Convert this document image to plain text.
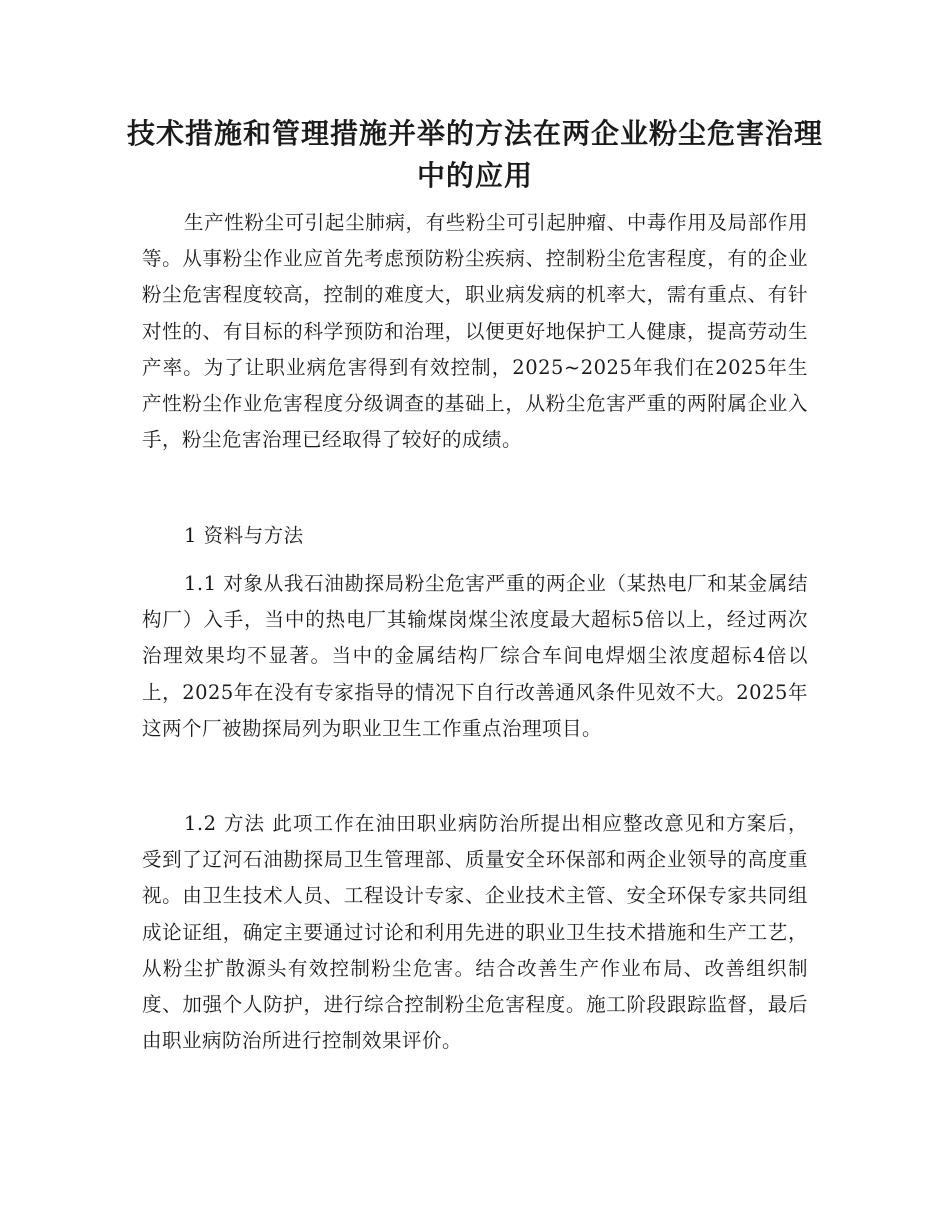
技术措施和管理措施并举的方法在两企业粉尘危害治理中的应用

生产性粉尘可引起尘肺病，有些粉尘可引起肿瘤、中毒作用及局部作用等。从事粉尘作业应首先考虑预防粉尘疾病、控制粉尘危害程度，有的企业粉尘危害程度较高，控制的难度大，职业病发病的机率大，需有重点、有针对性的、有目标的科学预防和治理，以便更好地保护工人健康，提高劳动生产率。为了让职业病危害得到有效控制，2025~2025年我们在2025年生产性粉尘作业危害程度分级调查的基础上，从粉尘危害严重的两附属企业入手，粉尘危害治理已经取得了较好的成绩。

1 资料与方法

1.1 对象从我石油勘探局粉尘危害严重的两企业（某热电厂和某金属结构厂）入手，当中的热电厂其输煤岗煤尘浓度最大超标5倍以上，经过两次治理效果均不显著。当中的金属结构厂综合车间电焊烟尘浓度超标4倍以上，2025年在没有专家指导的情况下自行改善通风条件见效不大。2025年这两个厂被勘探局列为职业卫生工作重点治理项目。

1.2 方法 此项工作在油田职业病防治所提出相应整改意见和方案后，受到了辽河石油勘探局卫生管理部、质量安全环保部和两企业领导的高度重视。由卫生技术人员、工程设计专家、企业技术主管、安全环保专家共同组成论证组，确定主要通过讨论和利用先进的职业卫生技术措施和生产工艺，从粉尘扩散源头有效控制粉尘危害。结合改善生产作业布局、改善组织制度、加强个人防护，进行综合控制粉尘危害程度。施工阶段跟踪监督，最后由职业病防治所进行控制效果评价。
